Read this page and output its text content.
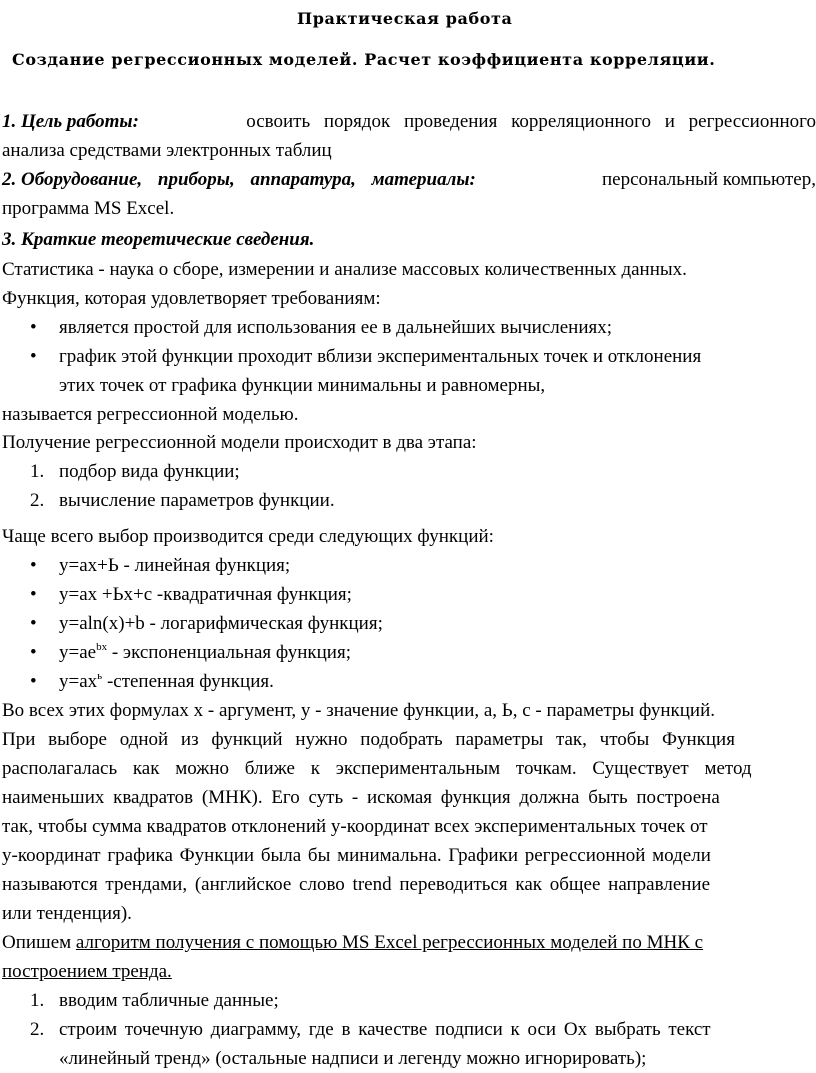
Практическая работа
Создание регрессионных моделей. Расчет коэффициента корреляции.
1. Цель работы:	освоить порядок проведения корреляционного и регрессионного
анализа средствами электронных таблиц
2. Оборудование, приборы, аппаратура, материалы:	персональный компьютер,
программа MS Excel.
3. Краткие теоретические сведения.
Статистика - наука о сборе, измерении и анализе массовых количественных данных.
Функция, которая удовлетворяет требованиям:
• является простой для использования ее в дальнейших вычислениях;
• график этой функции проходит вблизи экспериментальных точек и отклонения
этих точек от графика функции минимальны и равномерны,
называется регрессионной моделью.
Получение регрессионной модели происходит в два этапа:
1. подбор вида функции;
2. вычисление параметров функции.
Чаще всего выбор производится среди следующих функций:
• y=ax+Ь - линейная функция;
• y=ax +Ьx+c -квадратичная функция;
• y=aln(x)+b - логарифмическая функция;
• $y=ae^{bx}$ - экспоненциальная функция;
• $y=ax^ь$ -степенная функция.
Во всех этих формулах х - аргумент, у - значение функции, а, Ь, с - параметры функций.
При выборе одной из функций нужно подобрать параметры так, чтобы Функция
располагалась как можно ближе к экспериментальным точкам. Существует метод
наименьших квадратов (МНК). Его суть - искомая функция должна быть построена
так, чтобы сумма квадратов отклонений у-координат всех экспериментальных точек от
у-координат графика Функции была бы минимальна. Графики регрессионной модели
называются трендами, (английское слово trend переводиться как общее направление
или тенденция).
Опишем алгоритм получения с помощью MS Excel регрессионных моделей по МНК с
построением тренда.
1. вводим табличные данные;
2. строим точечную диаграмму, где в качестве подписи к оси Ox выбрать текст
«линейный тренд» (остальные надписи и легенду можно игнорировать);
